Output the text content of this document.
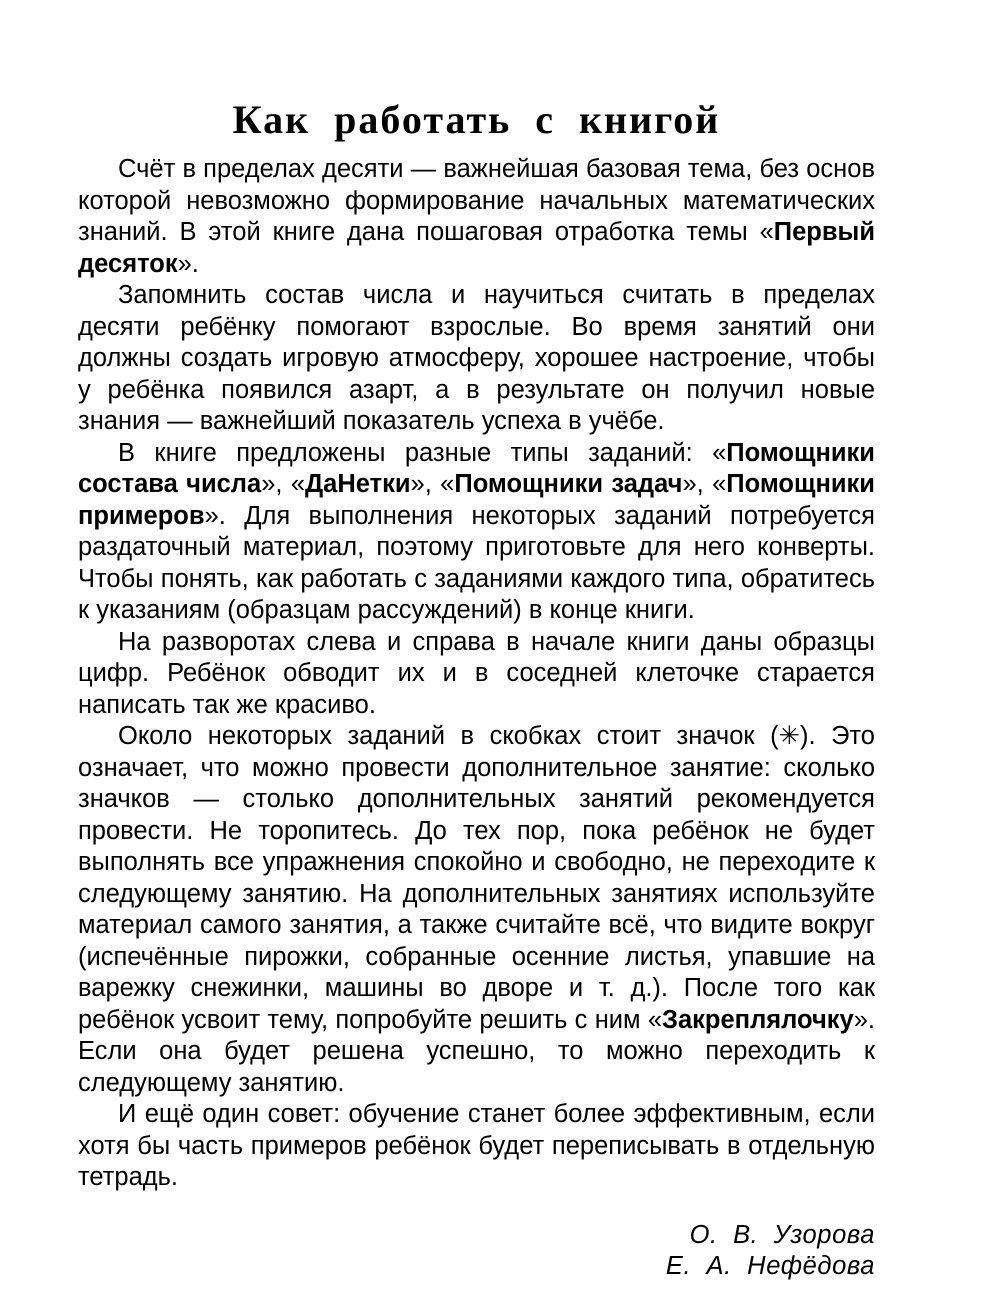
Как  работать  с  книгой

Счёт в пределах десяти — важнейшая базовая тема, без основ которой невозможно формирование начальных математических знаний. В этой книге дана пошаговая отработка темы «Первый десяток».

Запомнить состав числа и научиться считать в пределах десяти ребёнку помогают взрослые. Во время занятий они должны создать игровую атмосферу, хорошее настроение, чтобы у ребёнка появился азарт, а в результате он получил новые знания — важнейший показатель успеха в учёбе.

В книге предложены разные типы заданий: «Помощники состава числа», «ДаНетки», «Помощники задач», «Помощники примеров». Для выполнения некоторых заданий потребуется раздаточный материал, поэтому приготовьте для него конверты. Чтобы понять, как работать с заданиями каждого типа, обратитесь к указаниям (образцам рассуждений) в конце книги.

На разворотах слева и справа в начале книги даны образцы цифр. Ребёнок обводит их и в соседней клеточке старается написать так же красиво.

Около некоторых заданий в скобках стоит значок (✳). Это означает, что можно провести дополнительное занятие: сколько значков — столько дополнительных занятий рекомендуется провести. Не торопитесь. До тех пор, пока ребёнок не будет выполнять все упражнения спокойно и свободно, не переходите к следующему занятию. На дополнительных занятиях используйте материал самого занятия, а также считайте всё, что видите вокруг (испечённые пирожки, собранные осенние листья, упавшие на варежку снежинки, машины во дворе и т. д.). После того как ребёнок усвоит тему, попробуйте решить с ним «Закреплялочку». Если она будет решена успешно, то можно переходить к следующему занятию.

И ещё один совет: обучение станет более эффективным, если хотя бы часть примеров ребёнок будет переписывать в отдельную тетрадь.

О.  В.  Узорова
Е.  А.  Нефёдова
